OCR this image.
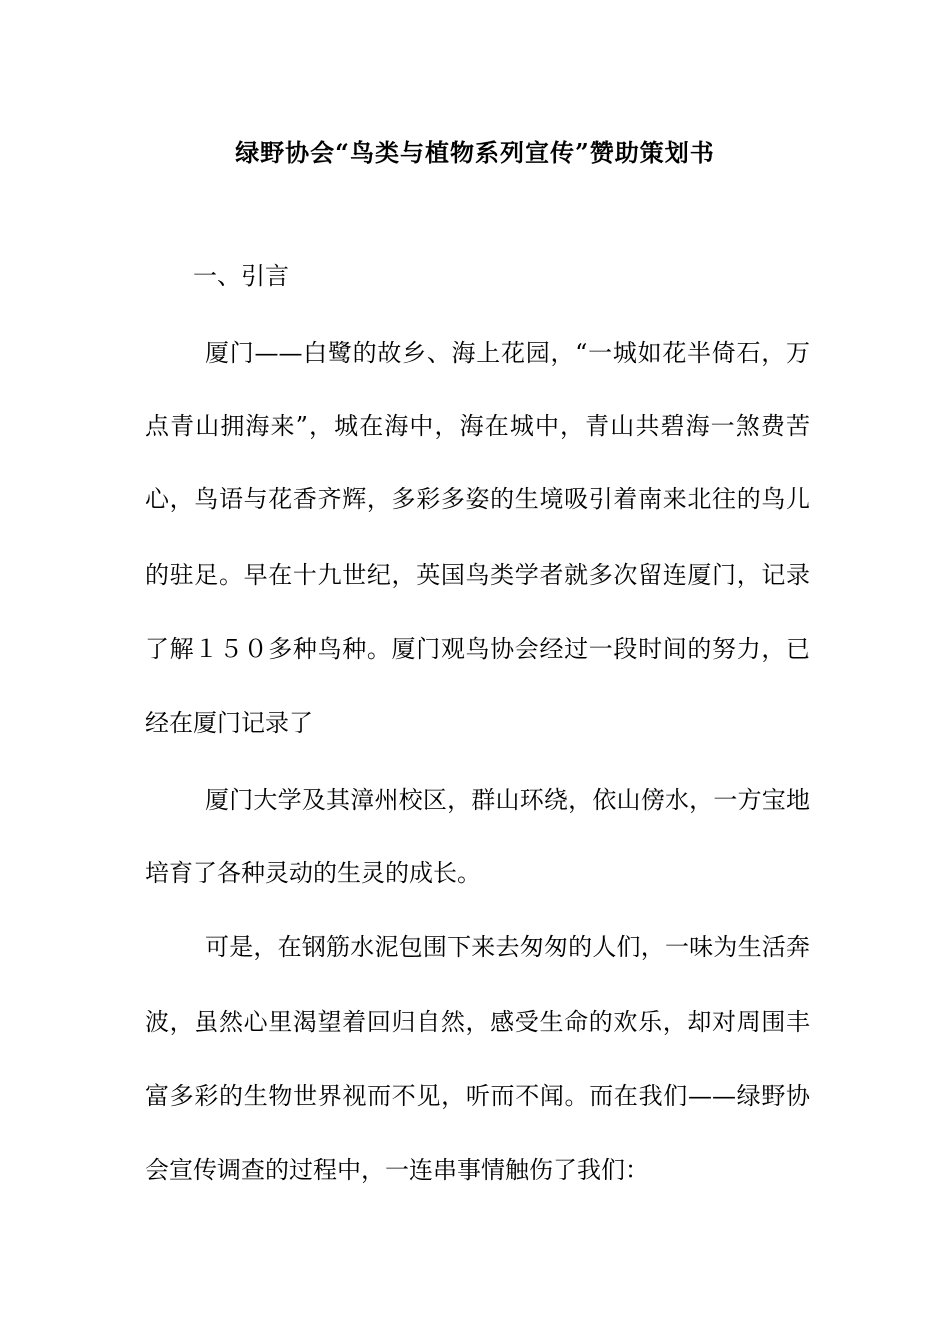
绿野协会“鸟类与植物系列宣传”赞助策划书
一、引言
厦门——白鹭的故乡、海上花园，“一城如花半倚石，万
点青山拥海来”，城在海中，海在城中，青山共碧海一煞费苦
心，鸟语与花香齐辉，多彩多姿的生境吸引着南来北往的鸟儿
的驻足。早在十九世纪，英国鸟类学者就多次留连厦门，记录
了解１５０多种鸟种。厦门观鸟协会经过一段时间的努力，已
经在厦门记录了
厦门大学及其漳州校区，群山环绕，依山傍水，一方宝地
培育了各种灵动的生灵的成长。
可是，在钢筋水泥包围下来去匆匆的人们，一味为生活奔
波，虽然心里渴望着回归自然，感受生命的欢乐，却对周围丰
富多彩的生物世界视而不见，听而不闻。而在我们——绿野协
会宣传调查的过程中，一连串事情触伤了我们：
